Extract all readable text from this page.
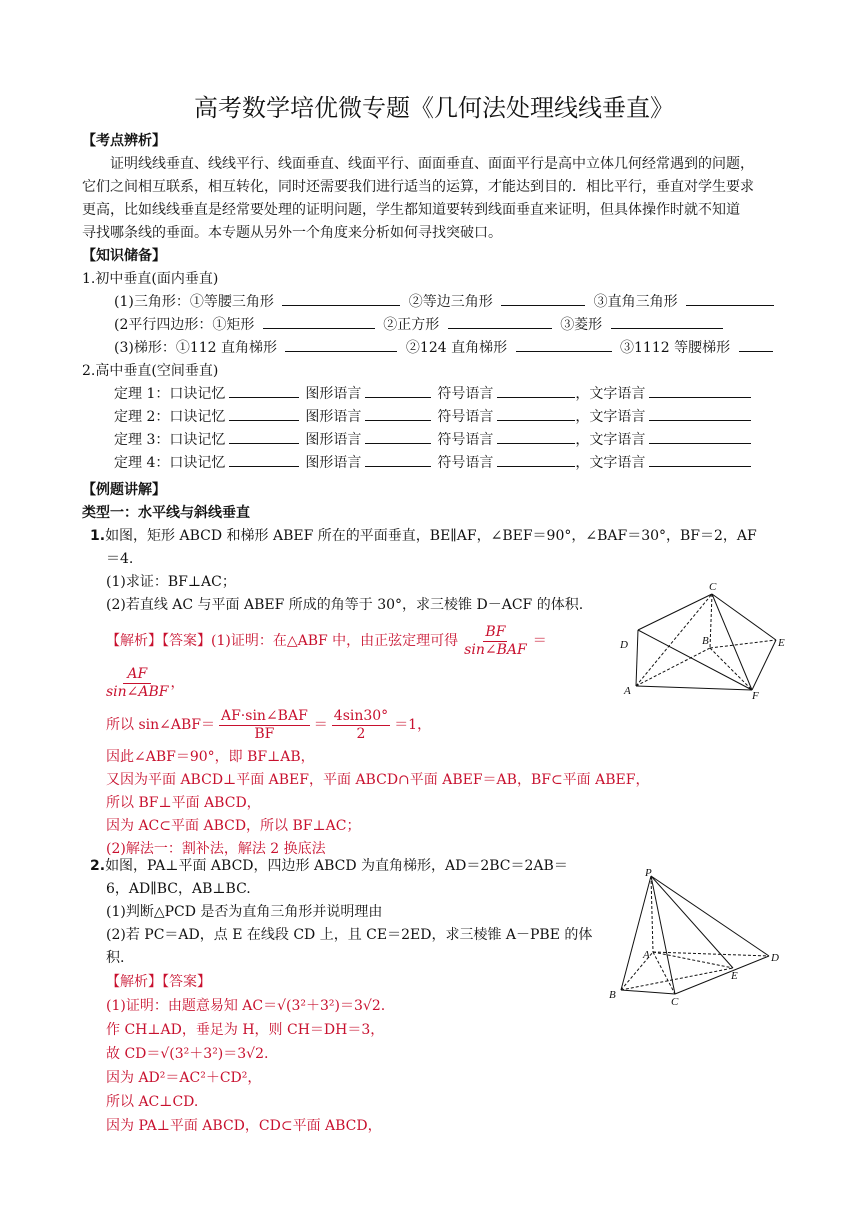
高考数学培优微专题《几何法处理线线垂直》
【考点辨析】
证明线线垂直、线线平行、线面垂直、线面平行、面面垂直、面面平行是高中立体几何经常遇到的问题，
它们之间相互联系，相互转化，同时还需要我们进行适当的运算，才能达到目的．相比平行，垂直对学生要求
更高，比如线线垂直是经常要处理的证明问题，学生都知道要转到线面垂直来证明，但具体操作时就不知道
寻找哪条线的垂面。本专题从另外一个角度来分析如何寻找突破口。
【知识储备】
1.初中垂直(面内垂直)
(1)三角形：①等腰三角形	②等边三角形	③直角三角形
(2平行四边形：①矩形	②正方形	③菱形
(3)梯形：①112 直角梯形	②124 直角梯形	③1112 等腰梯形
2.高中垂直(空间垂直)
定理 1：口诀记忆	图形语言	符号语言	，文字语言
定理 2：口诀记忆	图形语言	符号语言	，文字语言
定理 3：口诀记忆	图形语言	符号语言	，文字语言
定理 4：口诀记忆	图形语言	符号语言	，文字语言
【例题讲解】
类型一：水平线与斜线垂直
1.如图，矩形 ABCD 和梯形 ABEF 所在的平面垂直，BE∥AF，∠BEF＝90°，∠BAF＝30°，BF＝2，AF
＝4.
(1)求证：BF⊥AC；
(2)若直线 AC 与平面 ABEF 所成的角等于 30°，求三棱锥 D－ACF 的体积.
【解析】【答案】(1)证明：在△ABF 中，由正弦定理可得
BF
sin∠BAF
＝
AF
sin∠ABF
，
所以 sin∠ABF＝
AF·sin∠BAF
BF
＝ $\frac{4\sin 30^\circ}{2} =1$，
因此∠ABF＝90°，即 BF⊥AB，
又因为平面 ABCD⊥平面 ABEF，平面 ABCD∩平面 ABEF＝AB，BF⊂平面 ABEF，
所以 BF⊥平面 ABCD，
因为 AC⊂平面 ABCD，所以 BF⊥AC；
(2)解法一：割补法，解法 2 换底法
C
D	B	E
A	F
2.如图，PA⊥平面 ABCD，四边形 ABCD 为直角梯形，AD＝2BC＝2AB＝
6，AD∥BC，AB⊥BC.
(1)判断△PCD 是否为直角三角形并说明理由
(2)若 PC＝AD，点 E 在线段 CD 上，且 CE＝2ED，求三棱锥 A－PBE 的体
积.
【解析】【答案】
(1)证明：由题意易知 AC＝√(3²＋3²)＝3√2.
作 CH⊥AD，垂足为 H，则 CH＝DH＝3，
故 CD＝√(3²＋3²)＝3√2.
因为 AD²＝AC²＋CD²，
所以 AC⊥CD.
因为 PA⊥平面 ABCD，CD⊂平面 ABCD，
P
A	D
E
B
C
